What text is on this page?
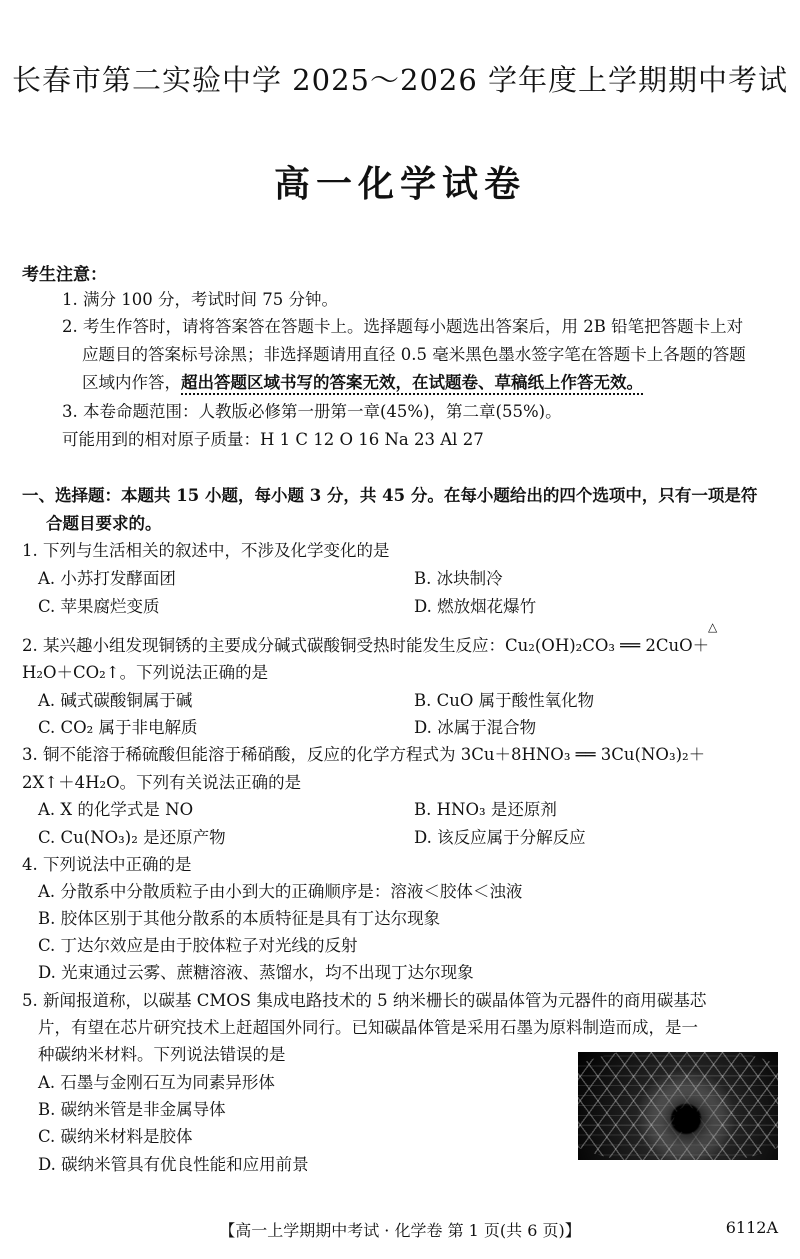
长春市第二实验中学 2025～2026 学年度上学期期中考试
高一化学试卷
考生注意：
1. 满分 100 分，考试时间 75 分钟。
2. 考生作答时，请将答案答在答题卡上。选择题每小题选出答案后，用 2B 铅笔把答题卡上对
应题目的答案标号涂黑；非选择题请用直径 0.5 毫米黑色墨水签字笔在答题卡上各题的答题
区域内作答，超出答题区域书写的答案无效，在试题卷、草稿纸上作答无效。
3. 本卷命题范围：人教版必修第一册第一章(45%)，第二章(55%)。
可能用到的相对原子质量：H 1 C 12 O 16 Na 23 Al 27
一、选择题：本题共 15 小题，每小题 3 分，共 45 分。在每小题给出的四个选项中，只有一项是符
合题目要求的。
1. 下列与生活相关的叙述中，不涉及化学变化的是
A. 小苏打发酵面团	B. 冰块制冷
C. 苹果腐烂变质	D. 燃放烟花爆竹
△
2. 某兴趣小组发现铜锈的主要成分碱式碳酸铜受热时能发生反应：Cu₂(OH)₂CO₃ ══ 2CuO＋
H₂O＋CO₂↑。下列说法正确的是
A. 碱式碳酸铜属于碱	B. CuO 属于酸性氧化物
C. CO₂ 属于非电解质	D. 冰属于混合物
3. 铜不能溶于稀硫酸但能溶于稀硝酸，反应的化学方程式为 3Cu＋8HNO₃ ══ 3Cu(NO₃)₂＋
2X↑＋4H₂O。下列有关说法正确的是
A. X 的化学式是 NO	B. HNO₃ 是还原剂
C. Cu(NO₃)₂ 是还原产物	D. 该反应属于分解反应
4. 下列说法中正确的是
A. 分散系中分散质粒子由小到大的正确顺序是：溶液＜胶体＜浊液
B. 胶体区别于其他分散系的本质特征是具有丁达尔现象
C. 丁达尔效应是由于胶体粒子对光线的反射
D. 光束通过云雾、蔗糖溶液、蒸馏水，均不出现丁达尔现象
5. 新闻报道称，以碳基 CMOS 集成电路技术的 5 纳米栅长的碳晶体管为元器件的商用碳基芯
片，有望在芯片研究技术上赶超国外同行。已知碳晶体管是采用石墨为原料制造而成，是一
种碳纳米材料。下列说法错误的是
A. 石墨与金刚石互为同素异形体
B. 碳纳米管是非金属导体
C. 碳纳米材料是胶体
D. 碳纳米管具有优良性能和应用前景
【高一上学期期中考试 · 化学卷 第 1 页(共 6 页)】	6112A
